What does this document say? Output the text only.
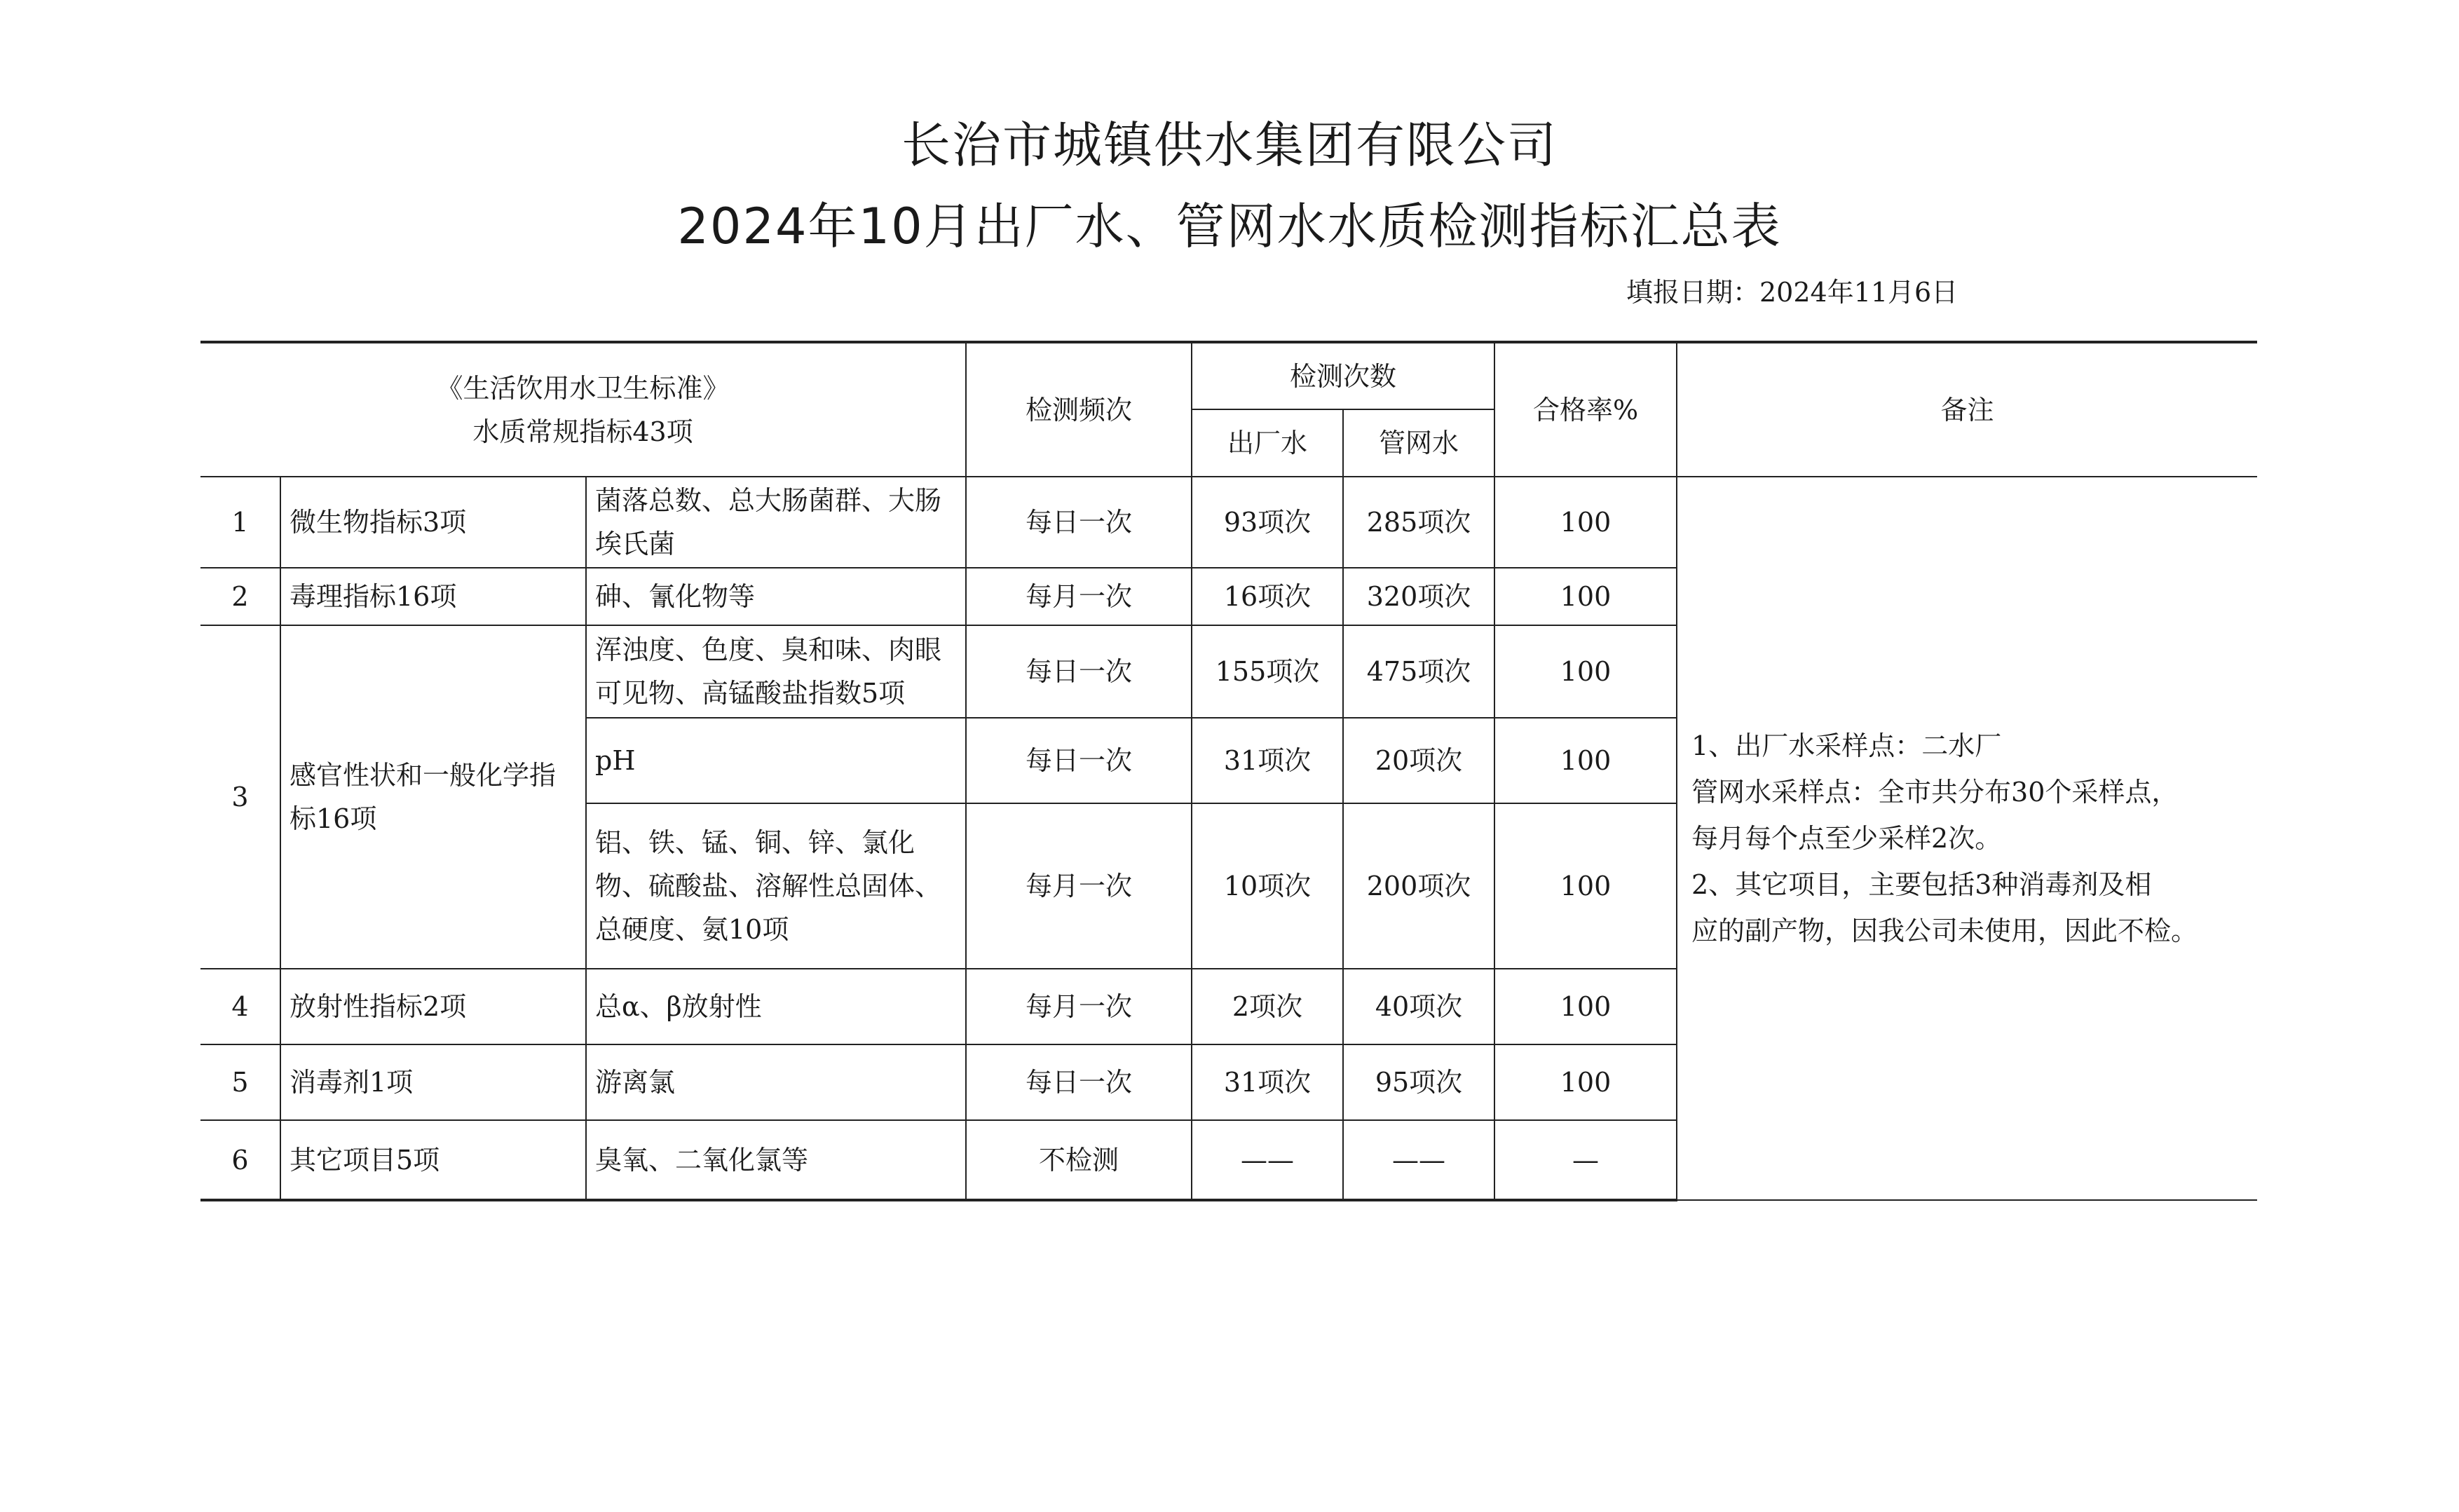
长治市城镇供水集团有限公司
2024年10月出厂水、管网水水质检测指标汇总表
填报日期：2024年11月6日
《生活饮用水卫生标准》
水质常规指标43项			检测频次	检测次数		合格率%	备注
				出厂水	管网水		
1	微生物指标3项	菌落总数、总大肠菌群、大肠埃氏菌	每日一次	93项次	285项次	100	1、出厂水采样点：二水厂
管网水采样点：全市共分布30个采样点，
每月每个点至少采样2次。
2、其它项目，主要包括3种消毒剂及相
应的副产物，因我公司未使用，因此不检。

2	毒理指标16项	砷、氰化物等	每月一次	16项次	320项次	100	
3	感官性状和一般化学指标16项	浑浊度、色度、臭和味、肉眼可见物、高锰酸盐指数5项	每日一次	155项次	475项次	100	
		pH	每日一次	31项次	20项次	100	
		铝、铁、锰、铜、锌、氯化物、硫酸盐、溶解性总固体、总硬度、氨10项	每月一次	10项次	200项次	100	
4	放射性指标2项	总α、β放射性	每月一次	2项次	40项次	100	
5	消毒剂1项	游离氯	每日一次	31项次	95项次	100	
6	其它项目5项	臭氧、二氧化氯等	不检测	——	——	—	
